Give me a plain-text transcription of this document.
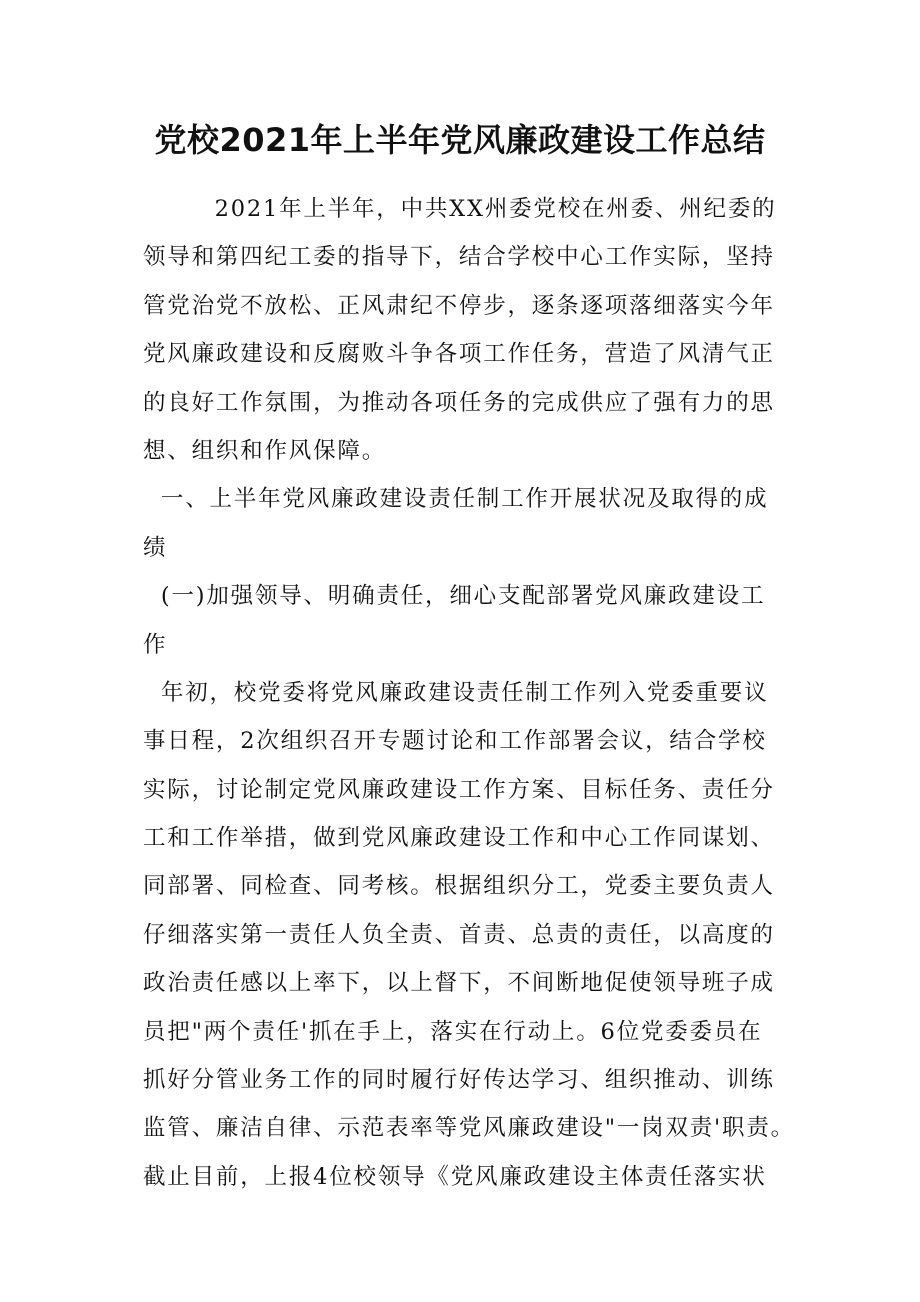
党校2021年上半年党风廉政建设工作总结
2021年上半年，中共XX州委党校在州委、州纪委的
领导和第四纪工委的指导下，结合学校中心工作实际，坚持
管党治党不放松、正风肃纪不停步，逐条逐项落细落实今年
党风廉政建设和反腐败斗争各项工作任务，营造了风清气正
的良好工作氛围，为推动各项任务的完成供应了强有力的思
想、组织和作风保障。
一、上半年党风廉政建设责任制工作开展状况及取得的成
绩
(一)加强领导、明确责任，细心支配部署党风廉政建设工
作
年初，校党委将党风廉政建设责任制工作列入党委重要议
事日程，2次组织召开专题讨论和工作部署会议，结合学校
实际，讨论制定党风廉政建设工作方案、目标任务、责任分
工和工作举措，做到党风廉政建设工作和中心工作同谋划、
同部署、同检查、同考核。根据组织分工，党委主要负责人
仔细落实第一责任人负全责、首责、总责的责任，以高度的
政治责任感以上率下，以上督下，不间断地促使领导班子成
员把"两个责任'抓在手上，落实在行动上。6位党委委员在
抓好分管业务工作的同时履行好传达学习、组织推动、训练
监管、廉洁自律、示范表率等党风廉政建设"一岗双责'职责。
截止目前，上报4位校领导《党风廉政建设主体责任落实状
